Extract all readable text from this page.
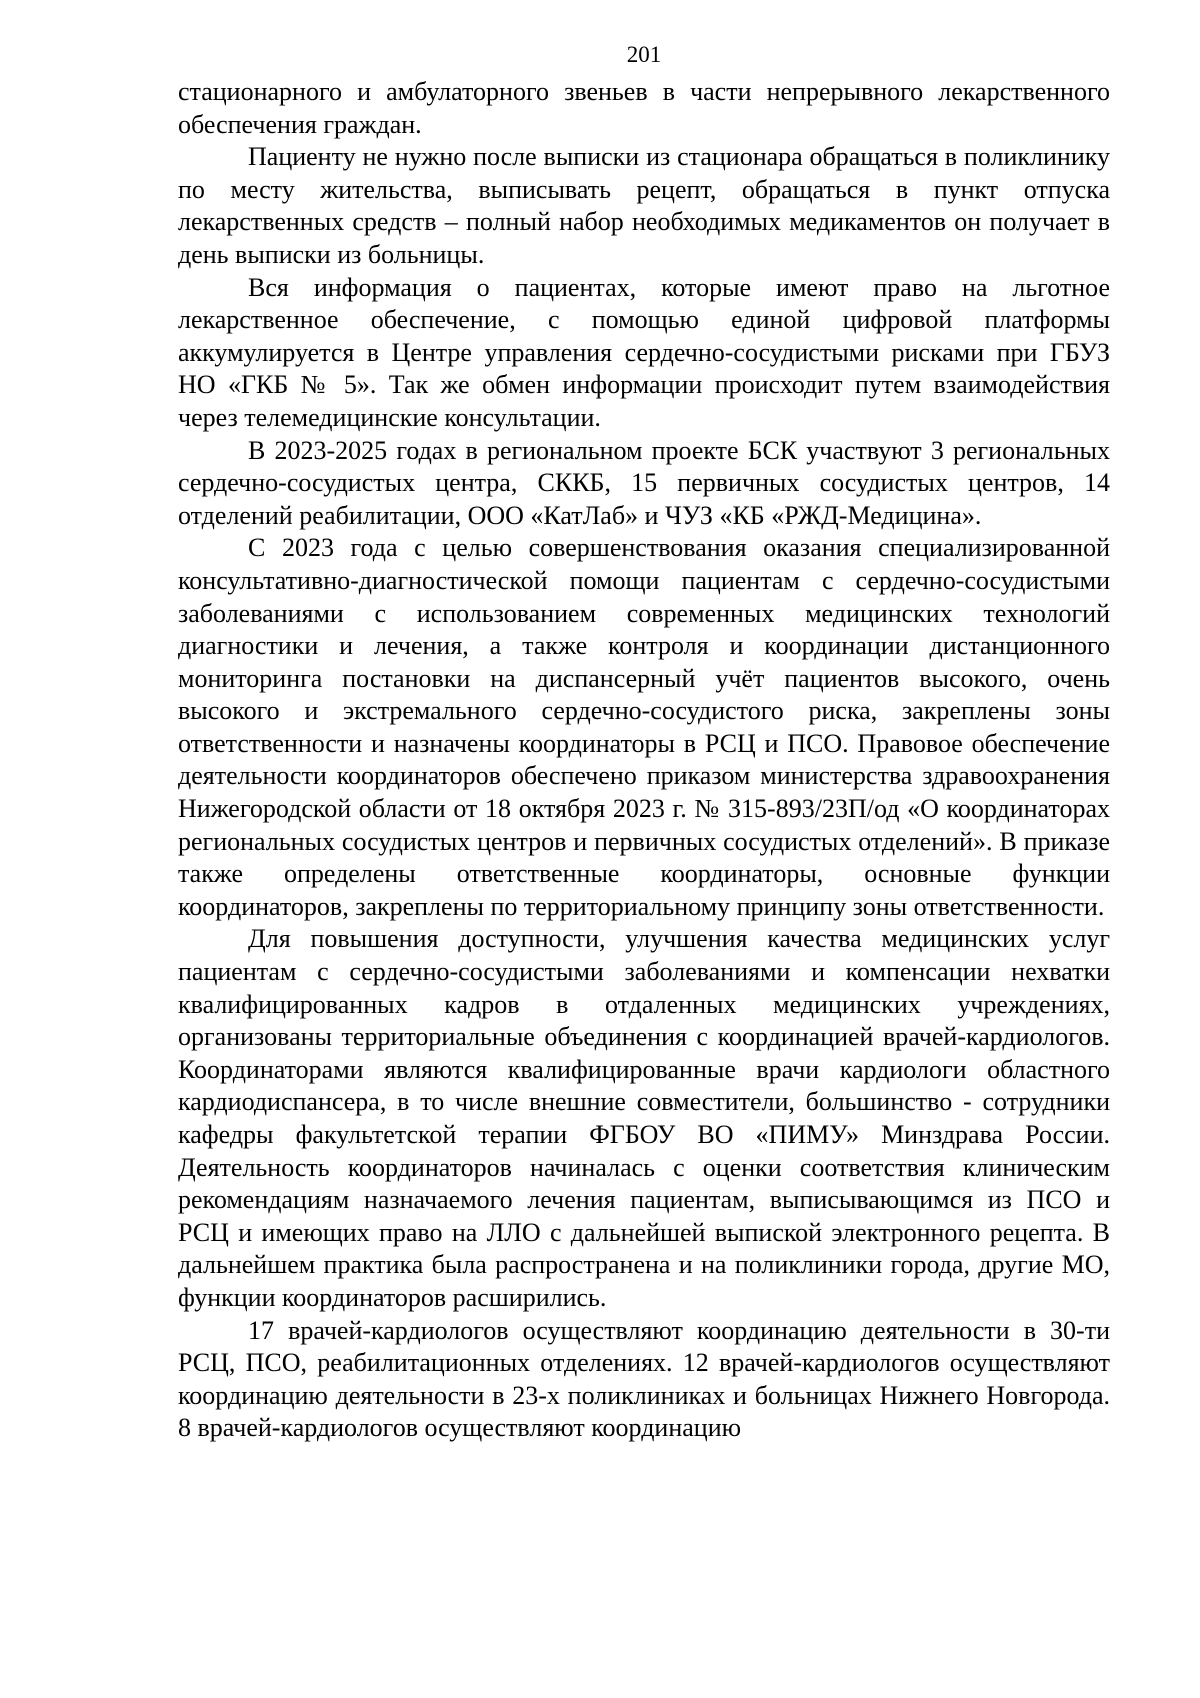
201

стационарного и амбулаторного звеньев в части непрерывного лекарственного обеспечения граждан.

Пациенту не нужно после выписки из стационара обращаться в поликлинику по месту жительства, выписывать рецепт, обращаться в пункт отпуска лекарственных средств – полный набор необходимых медикаментов он получает в день выписки из больницы.

Вся информация о пациентах, которые имеют право на льготное лекарственное обеспечение, с помощью единой цифровой платформы аккумулируется в Центре управления сердечно-сосудистыми рисками при ГБУЗ НО «ГКБ № 5». Так же обмен информации происходит путем взаимодействия через телемедицинские консультации.

В 2023-2025 годах в региональном проекте БСК участвуют 3 региональных сердечно-сосудистых центра, СККБ, 15 первичных сосудистых центров, 14 отделений реабилитации, ООО «КатЛаб» и ЧУЗ «КБ «РЖД-Медицина».

С 2023 года с целью совершенствования оказания специализированной консультативно-диагностической помощи пациентам с сердечно-сосудистыми заболеваниями с использованием современных медицинских технологий диагностики и лечения, а также контроля и координации дистанционного мониторинга постановки на диспансерный учёт пациентов высокого, очень высокого и экстремального сердечно-сосудистого риска, закреплены зоны ответственности и назначены координаторы в РСЦ и ПСО. Правовое обеспечение деятельности координаторов обеспечено приказом министерства здравоохранения Нижегородской области от 18 октября 2023 г. № 315-893/23П/од «О координаторах региональных сосудистых центров и первичных сосудистых отделений». В приказе также определены ответственные координаторы, основные функции координаторов, закреплены по территориальному принципу зоны ответственности.

Для повышения доступности, улучшения качества медицинских услуг пациентам с сердечно-сосудистыми заболеваниями и компенсации нехватки квалифицированных кадров в отдаленных медицинских учреждениях, организованы территориальные объединения с координацией врачей-кардиологов. Координаторами являются квалифицированные врачи кардиологи областного кардиодиспансера, в то числе внешние совместители, большинство - сотрудники кафедры факультетской терапии ФГБОУ ВО «ПИМУ» Минздрава России. Деятельность координаторов начиналась с оценки соответствия клиническим рекомендациям назначаемого лечения пациентам, выписывающимся из ПСО и РСЦ и имеющих право на ЛЛО с дальнейшей выпиской электронного рецепта. В дальнейшем практика была распространена и на поликлиники города, другие МО, функции координаторов расширились.

17 врачей-кардиологов осуществляют координацию деятельности в 30-ти РСЦ, ПСО, реабилитационных отделениях. 12 врачей-кардиологов осуществляют координацию деятельности в 23-х поликлиниках и больницах Нижнего Новгорода. 8 врачей-кардиологов осуществляют координацию
